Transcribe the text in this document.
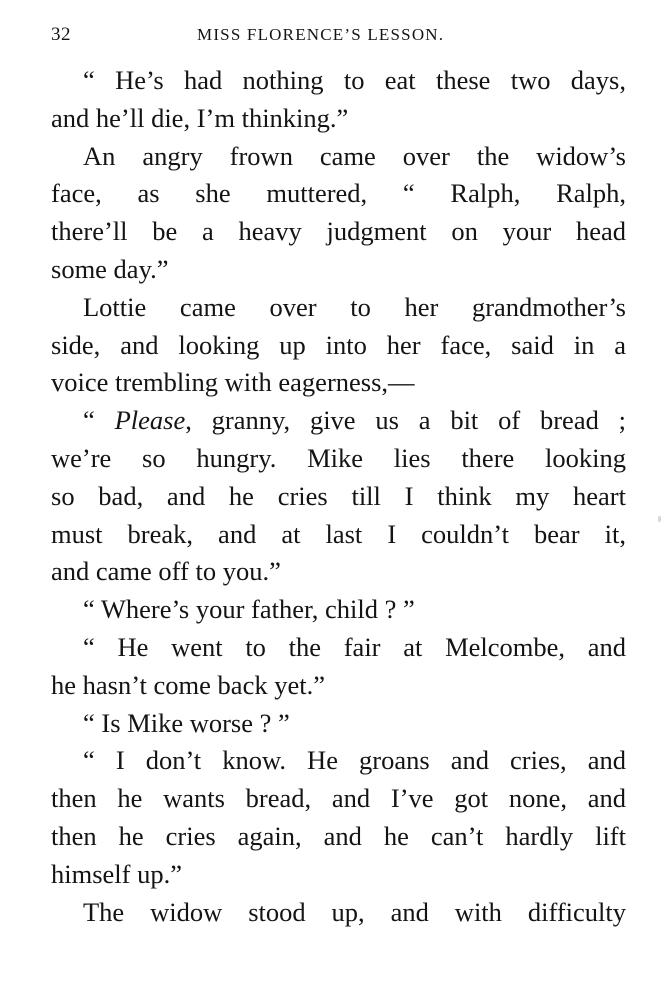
32	MISS FLORENCE’S LESSON.
“ He’s had nothing to eat these two days,
and he’ll die, I’m thinking.”
An angry frown came over the widow’s
face, as she muttered, “ Ralph, Ralph,
there’ll be a heavy judgment on your head
some day.”
Lottie came over to her grandmother’s
side, and looking up into her face, said in a
voice trembling with eagerness,—
“ Please, granny, give us a bit of bread ;
we’re so hungry. Mike lies there looking
so bad, and he cries till I think my heart
must break, and at last I couldn’t bear it,
and came off to you.”
“ Where’s your father, child ? ”
“ He went to the fair at Melcombe, and
he hasn’t come back yet.”
“ Is Mike worse ? ”
“ I don’t know. He groans and cries, and
then he wants bread, and I’ve got none, and
then he cries again, and he can’t hardly lift
himself up.”
The widow stood up, and with difficulty
